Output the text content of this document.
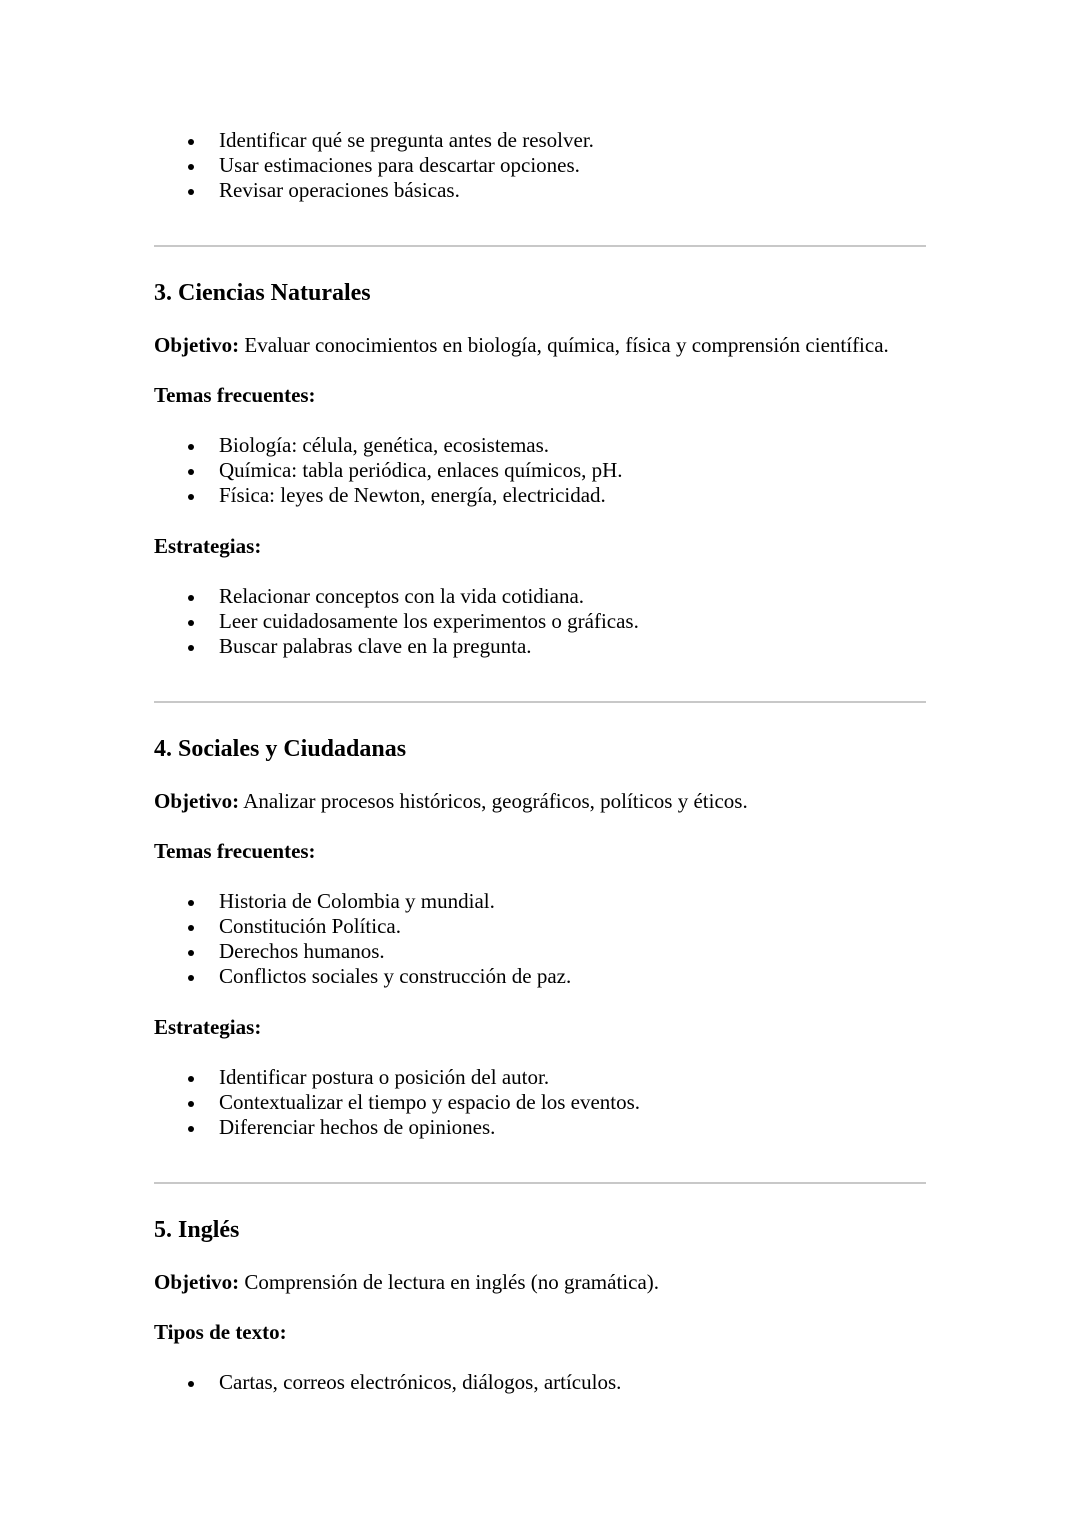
Identificar qué se pregunta antes de resolver.
Usar estimaciones para descartar opciones.
Revisar operaciones básicas.
3. Ciencias Naturales

Objetivo: Evaluar conocimientos en biología, química, física y comprensión científica.

Temas frecuentes:

Biología: célula, genética, ecosistemas.
Química: tabla periódica, enlaces químicos, pH.
Física: leyes de Newton, energía, electricidad.

Estrategias:

Relacionar conceptos con la vida cotidiana.
Leer cuidadosamente los experimentos o gráficas.
Buscar palabras clave en la pregunta.
4. Sociales y Ciudadanas

Objetivo: Analizar procesos históricos, geográficos, políticos y éticos.

Temas frecuentes:

Historia de Colombia y mundial.
Constitución Política.
Derechos humanos.
Conflictos sociales y construcción de paz.

Estrategias:

Identificar postura o posición del autor.
Contextualizar el tiempo y espacio de los eventos.
Diferenciar hechos de opiniones.
5. Inglés

Objetivo: Comprensión de lectura en inglés (no gramática).

Tipos de texto:

Cartas, correos electrónicos, diálogos, artículos.
